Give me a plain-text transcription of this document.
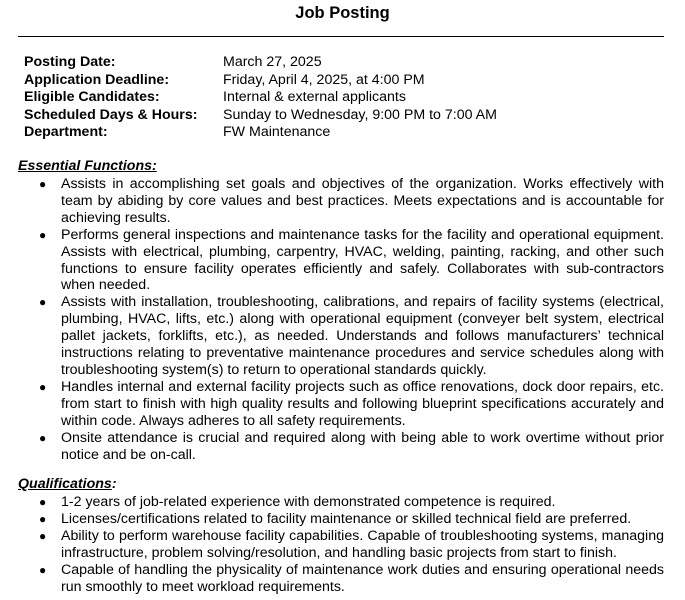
Job Posting
Posting Date:	March 27, 2025
Application Deadline:	Friday, April 4, 2025, at 4:00 PM
Eligible Candidates:	Internal & external applicants
Scheduled Days & Hours:	Sunday to Wednesday, 9:00 PM to 7:00 AM
Department:	FW Maintenance
Essential Functions:
● Assists in accomplishing set goals and objectives of the organization. Works effectively with team by abiding by core values and best practices. Meets expectations and is accountable for achieving results.
● Performs general inspections and maintenance tasks for the facility and operational equipment. Assists with electrical, plumbing, carpentry, HVAC, welding, painting, racking, and other such functions to ensure facility operates efficiently and safely. Collaborates with sub-contractors when needed.
● Assists with installation, troubleshooting, calibrations, and repairs of facility systems (electrical, plumbing, HVAC, lifts, etc.) along with operational equipment (conveyer belt system, electrical pallet jackets, forklifts, etc.), as needed. Understands and follows manufacturers’ technical instructions relating to preventative maintenance procedures and service schedules along with troubleshooting system(s) to return to operational standards quickly.
● Handles internal and external facility projects such as office renovations, dock door repairs, etc. from start to finish with high quality results and following blueprint specifications accurately and within code. Always adheres to all safety requirements.
● Onsite attendance is crucial and required along with being able to work overtime without prior notice and be on-call.
Qualifications:
● 1-2 years of job-related experience with demonstrated competence is required.
● Licenses/certifications related to facility maintenance or skilled technical field are preferred.
● Ability to perform warehouse facility capabilities. Capable of troubleshooting systems, managing infrastructure, problem solving/resolution, and handling basic projects from start to finish.
● Capable of handling the physicality of maintenance work duties and ensuring operational needs run smoothly to meet workload requirements.
